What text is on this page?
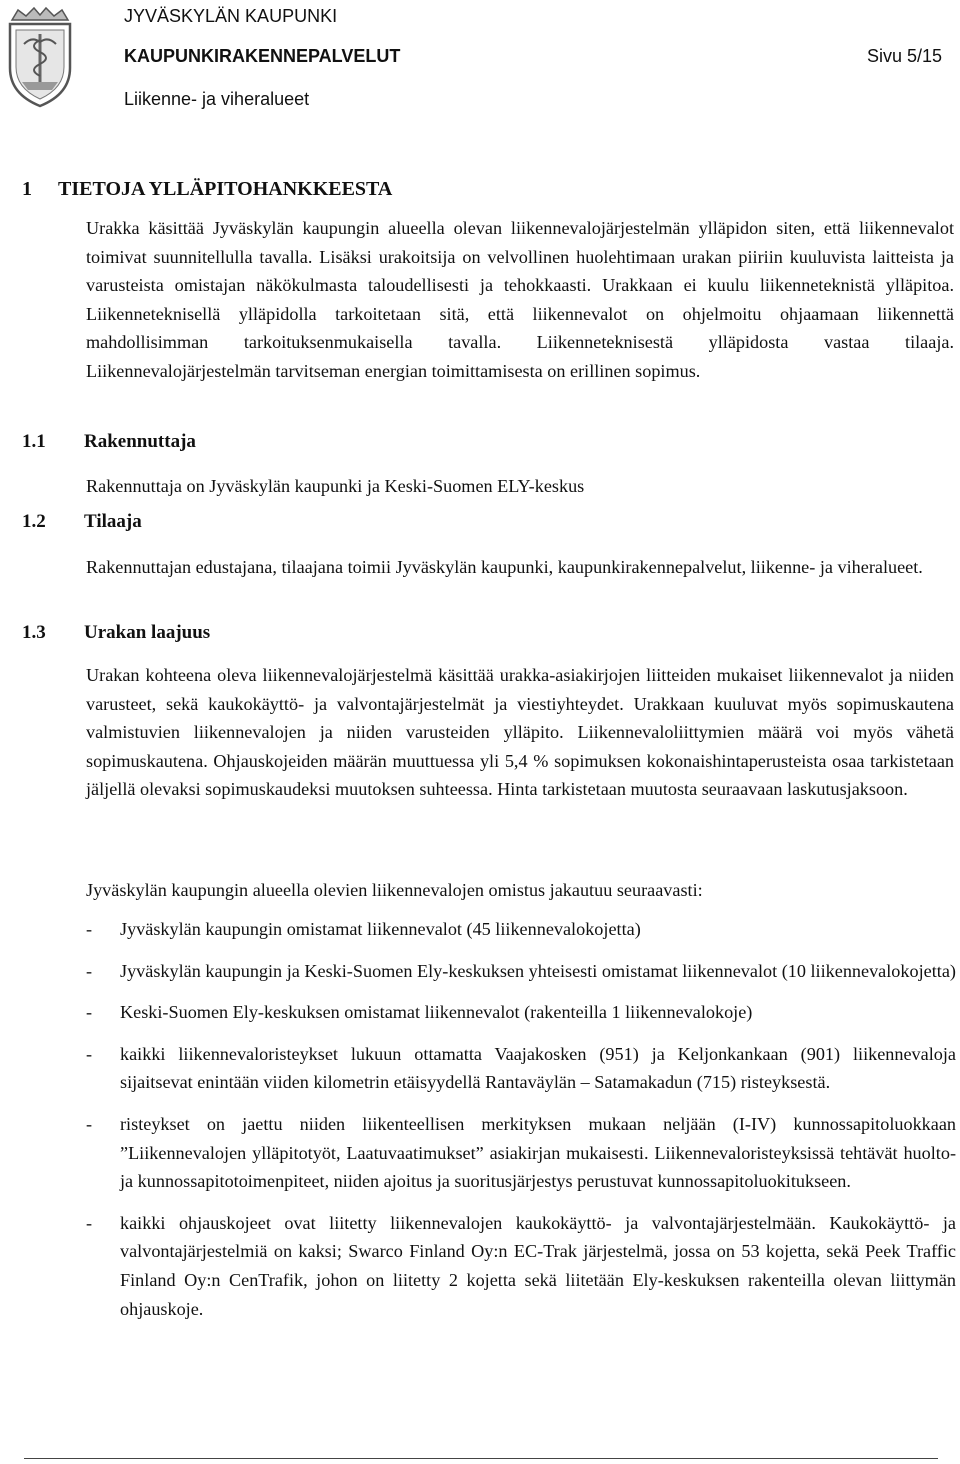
JYVÄSKYLÄN KAUPUNKI
KAUPUNKIRAKENNEPALVELUT
Liikenne- ja viheralueet
Sivu 5/15
1 TIETOJA YLLÄPITOHANKKEESTA
Urakka käsittää Jyväskylän kaupungin alueella olevan liikennevalojärjestelmän ylläpidon siten, että liikennevalot toimivat suunnitellulla tavalla. Lisäksi urakoitsija on velvollinen huolehtimaan urakan piiriin kuuluvista laitteista ja varusteista omistajan näkökulmasta taloudellisesti ja tehokkaasti. Urakkaan ei kuulu liikenneteknistä ylläpitoa. Liikenneteknisellä ylläpidolla tarkoitetaan sitä, että liikennevalot on ohjelmoitu ohjaamaan liikennettä mahdollisimman tarkoituksenmukaisella tavalla. Liikenneteknisestä ylläpidosta vastaa tilaaja. Liikennevalojärjestelmän tarvitseman energian toimittamisesta on erillinen sopimus.
1.1 Rakennuttaja
Rakennuttaja on Jyväskylän kaupunki ja Keski-Suomen ELY-keskus
1.2 Tilaaja
Rakennuttajan edustajana, tilaajana toimii Jyväskylän kaupunki, kaupunkirakennepalvelut, liikenne- ja viheralueet.
1.3 Urakan laajuus
Urakan kohteena oleva liikennevalojärjestelmä käsittää urakka-asiakirjojen liitteiden mukaiset liikennevalot ja niiden varusteet, sekä kaukokäyttö- ja valvontajärjestelmät ja viestiyhteydet. Urakkaan kuuluvat myös sopimuskautena valmistuvien liikennevalojen ja niiden varusteiden ylläpito. Liikennevaloliittymien määrä voi myös vähetä sopimuskautena. Ohjauskojeiden määrän muuttuessa yli 5,4 % sopimuksen kokonaishintaperusteista osaa tarkistetaan jäljellä olevaksi sopimuskaudeksi muutoksen suhteessa. Hinta tarkistetaan muutosta seuraavaan laskutusjaksoon.
Jyväskylän kaupungin alueella olevien liikennevalojen omistus jakautuu seuraavasti:
- Jyväskylän kaupungin omistamat liikennevalot (45 liikennevalokojetta)
- Jyväskylän kaupungin ja Keski-Suomen Ely-keskuksen yhteisesti omistamat liikennevalot (10 liikennevalokojetta)
- Keski-Suomen Ely-keskuksen omistamat liikennevalot (rakenteilla 1 liikennevalokoje)
- kaikki liikennevaloristeykset lukuun ottamatta Vaajakosken (951) ja Keljonkankaan (901) liikennevaloja sijaitsevat enintään viiden kilometrin etäisyydellä Rantaväylän – Satamakadun (715) risteyksestä.
- risteykset on jaettu niiden liikenteellisen merkityksen mukaan neljään (I-IV) kunnossapitoluokkaan ”Liikennevalojen ylläpitotyöt, Laatuvaatimukset” asiakirjan mukaisesti. Liikennevaloristeyksissä tehtävät huolto- ja kunnossapitotoimenpiteet, niiden ajoitus ja suoritusjärjestys perustuvat kunnossapitoluokitukseen.
- kaikki ohjauskojeet ovat liitetty liikennevalojen kaukokäyttö- ja valvontajärjestelmään. Kaukokäyttö- ja valvontajärjestelmiä on kaksi; Swarco Finland Oy:n EC-Trak järjestelmä, jossa on 53 kojetta, sekä Peek Traffic Finland Oy:n CenTrafik, johon on liitetty 2 kojetta sekä liitetään Ely-keskuksen rakenteilla olevan liittymän ohjauskoje.
